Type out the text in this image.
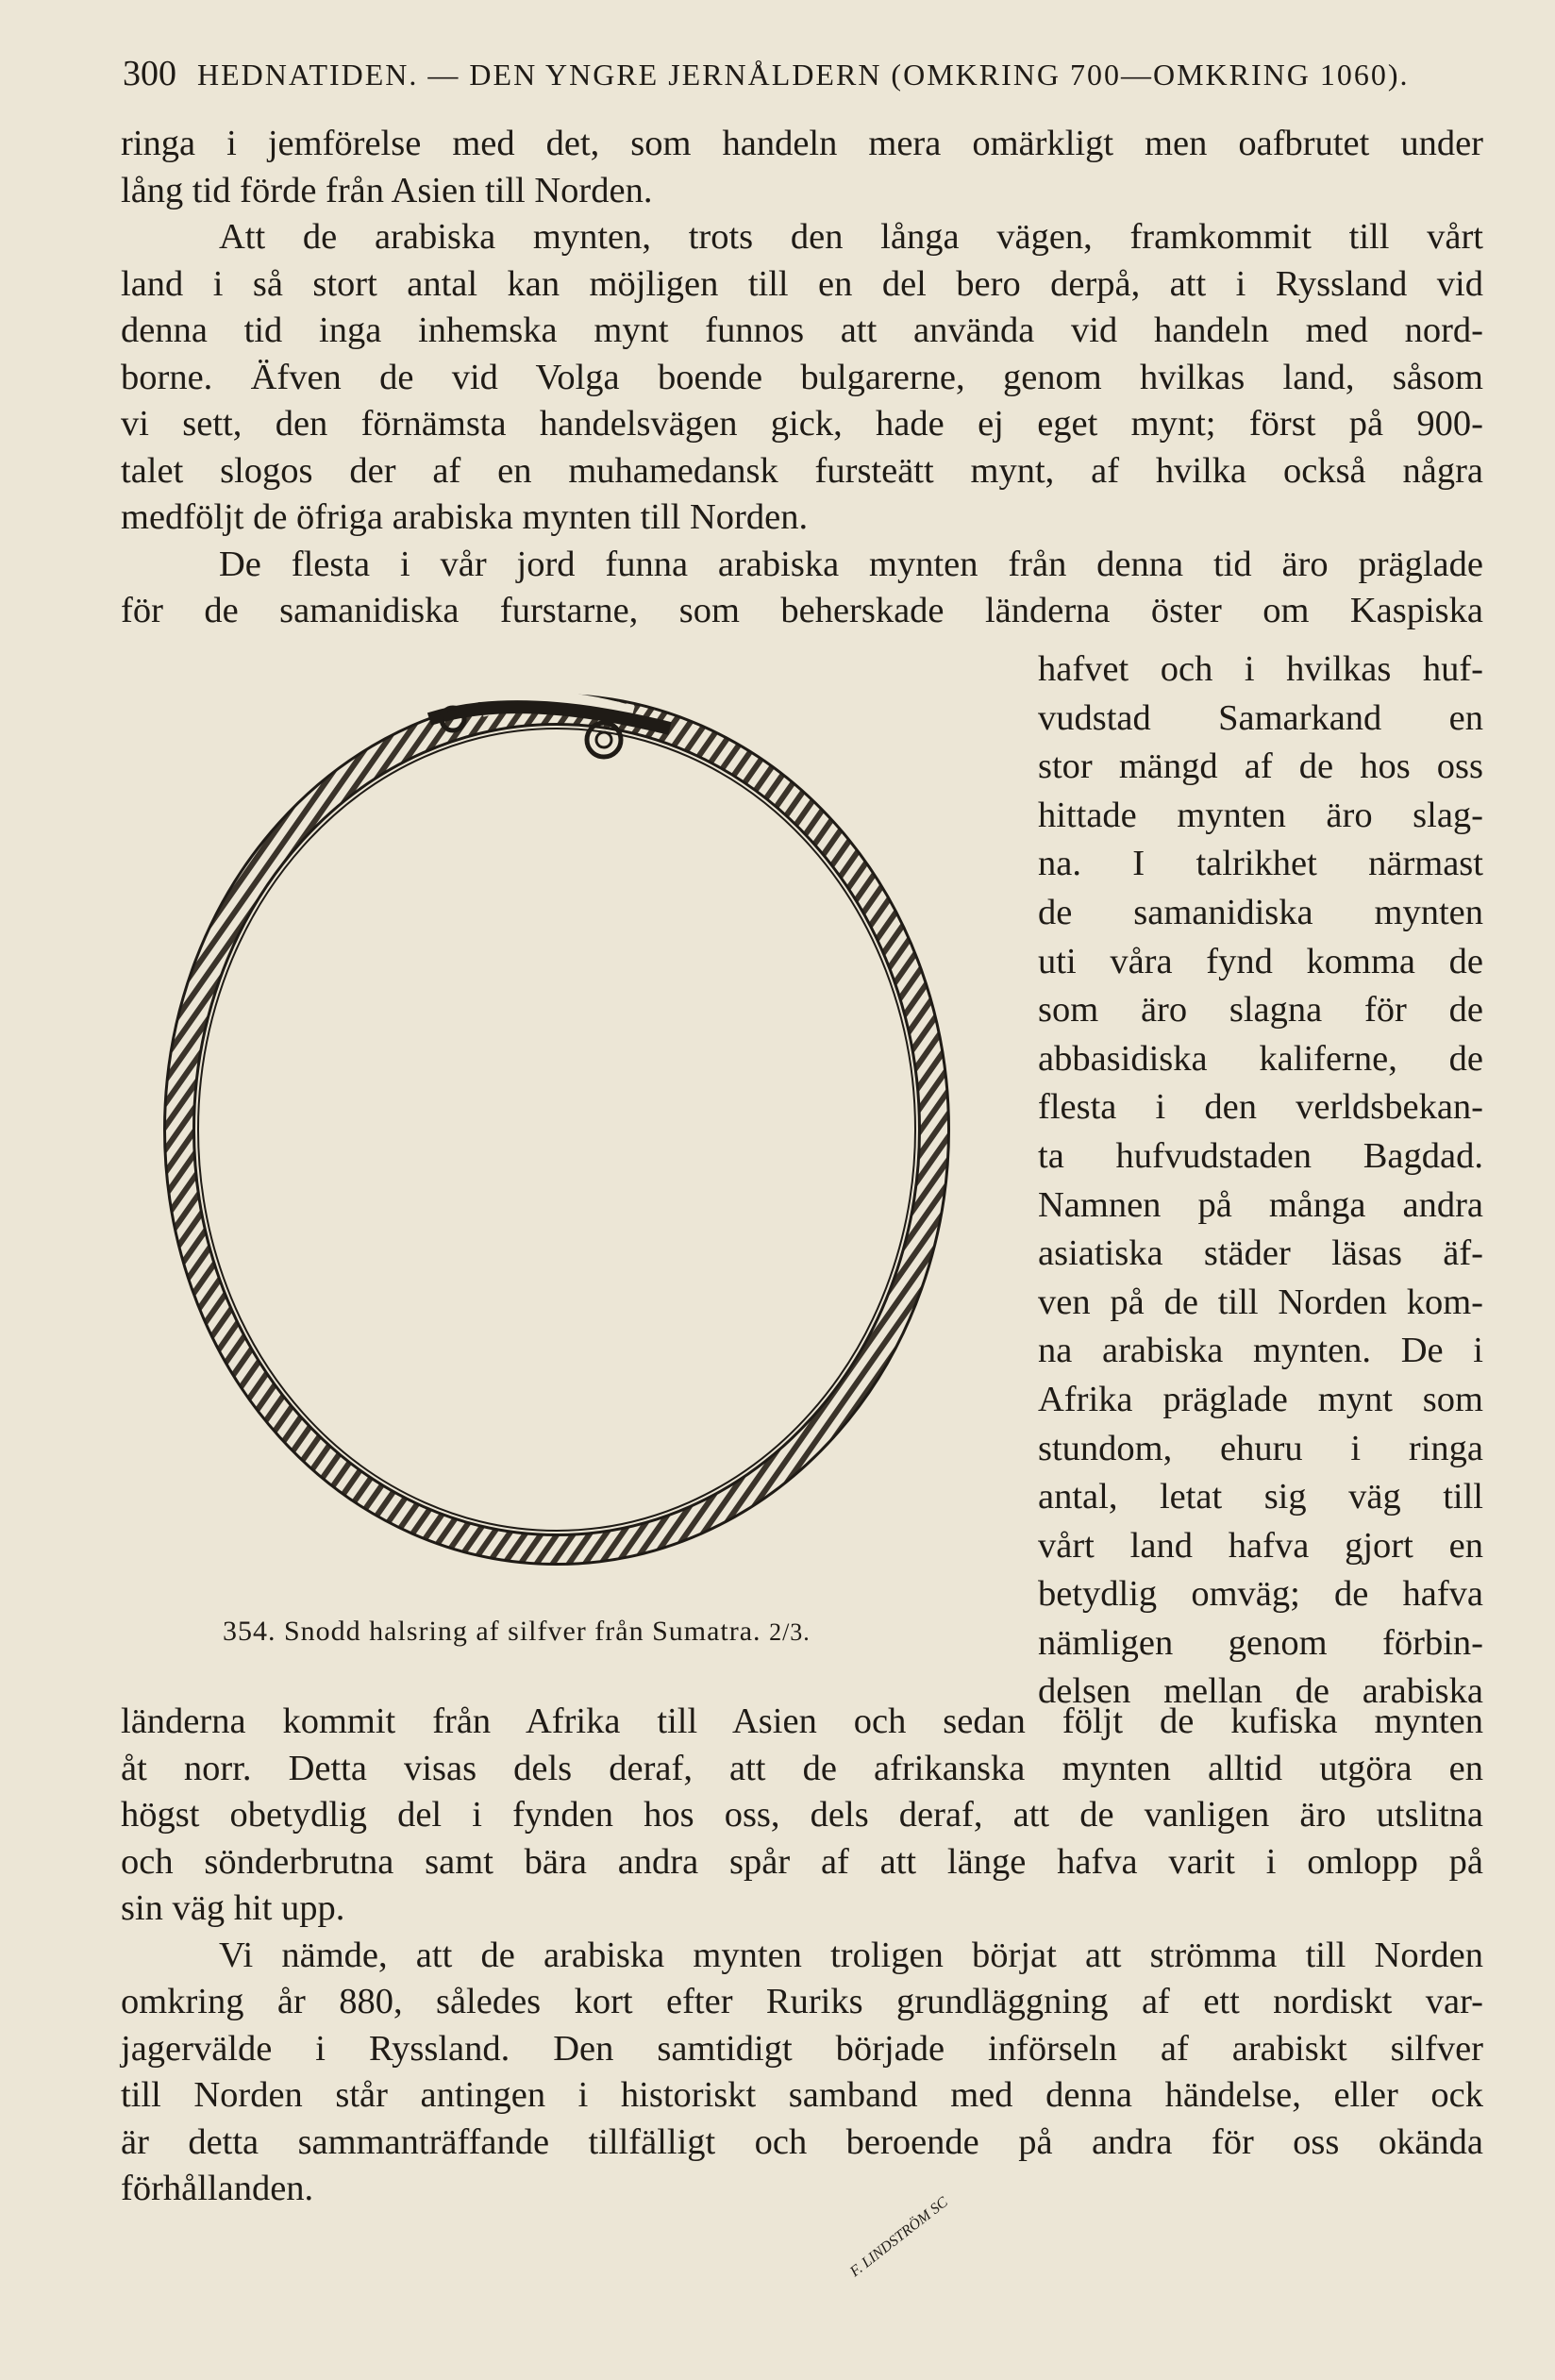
300 HEDNATIDEN. — DEN YNGRE JERNÅLDERN (OMKRING 700—OMKRING 1060).
ringa i jemförelse med det, som handeln mera omärkligt men oafbrutet under
lång tid förde från Asien till Norden.
Att de arabiska mynten, trots den långa vägen, framkommit till vårt
land i så stort antal kan möjligen till en del bero derpå, att i Ryssland vid
denna tid inga inhemska mynt funnos att använda vid handeln med nord-
borne. Äfven de vid Volga boende bulgarerne, genom hvilkas land, såsom
vi sett, den förnämsta handelsvägen gick, hade ej eget mynt; först på 900-
talet slogos der af en muhamedansk fursteätt mynt, af hvilka också några
medföljt de öfriga arabiska mynten till Norden.
De flesta i vår jord funna arabiska mynten från denna tid äro präglade
för de samanidiska furstarne, som beherskade länderna öster om Kaspiska
hafvet och i hvilkas huf-
vudstad Samarkand en
stor mängd af de hos oss
hittade mynten äro slag-
na. I talrikhet närmast
de samanidiska mynten
uti våra fynd komma de
som äro slagna för de
abbasidiska kaliferne, de
flesta i den verldsbekan-
ta hufvudstaden Bagdad.
Namnen på många andra
asiatiska städer läsas äf-
ven på de till Norden kom-
na arabiska mynten. De i
Afrika präglade mynt som
stundom, ehuru i ringa
antal, letat sig väg till
vårt land hafva gjort en
betydlig omväg; de hafva
nämligen genom förbin-
delsen mellan de arabiska
F. LINDSTRÖM SC
354. Snodd halsring af silfver från Sumatra. 2/3.
länderna kommit från Afrika till Asien och sedan följt de kufiska mynten
åt norr. Detta visas dels deraf, att de afrikanska mynten alltid utgöra en
högst obetydlig del i fynden hos oss, dels deraf, att de vanligen äro utslitna
och sönderbrutna samt bära andra spår af att länge hafva varit i omlopp på
sin väg hit upp.
Vi nämde, att de arabiska mynten troligen börjat att strömma till Norden
omkring år 880, således kort efter Ruriks grundläggning af ett nordiskt var-
jagervälde i Ryssland. Den samtidigt började införseln af arabiskt silfver
till Norden står antingen i historiskt samband med denna händelse, eller ock
är detta sammanträffande tillfälligt och beroende på andra för oss okända
förhållanden.
